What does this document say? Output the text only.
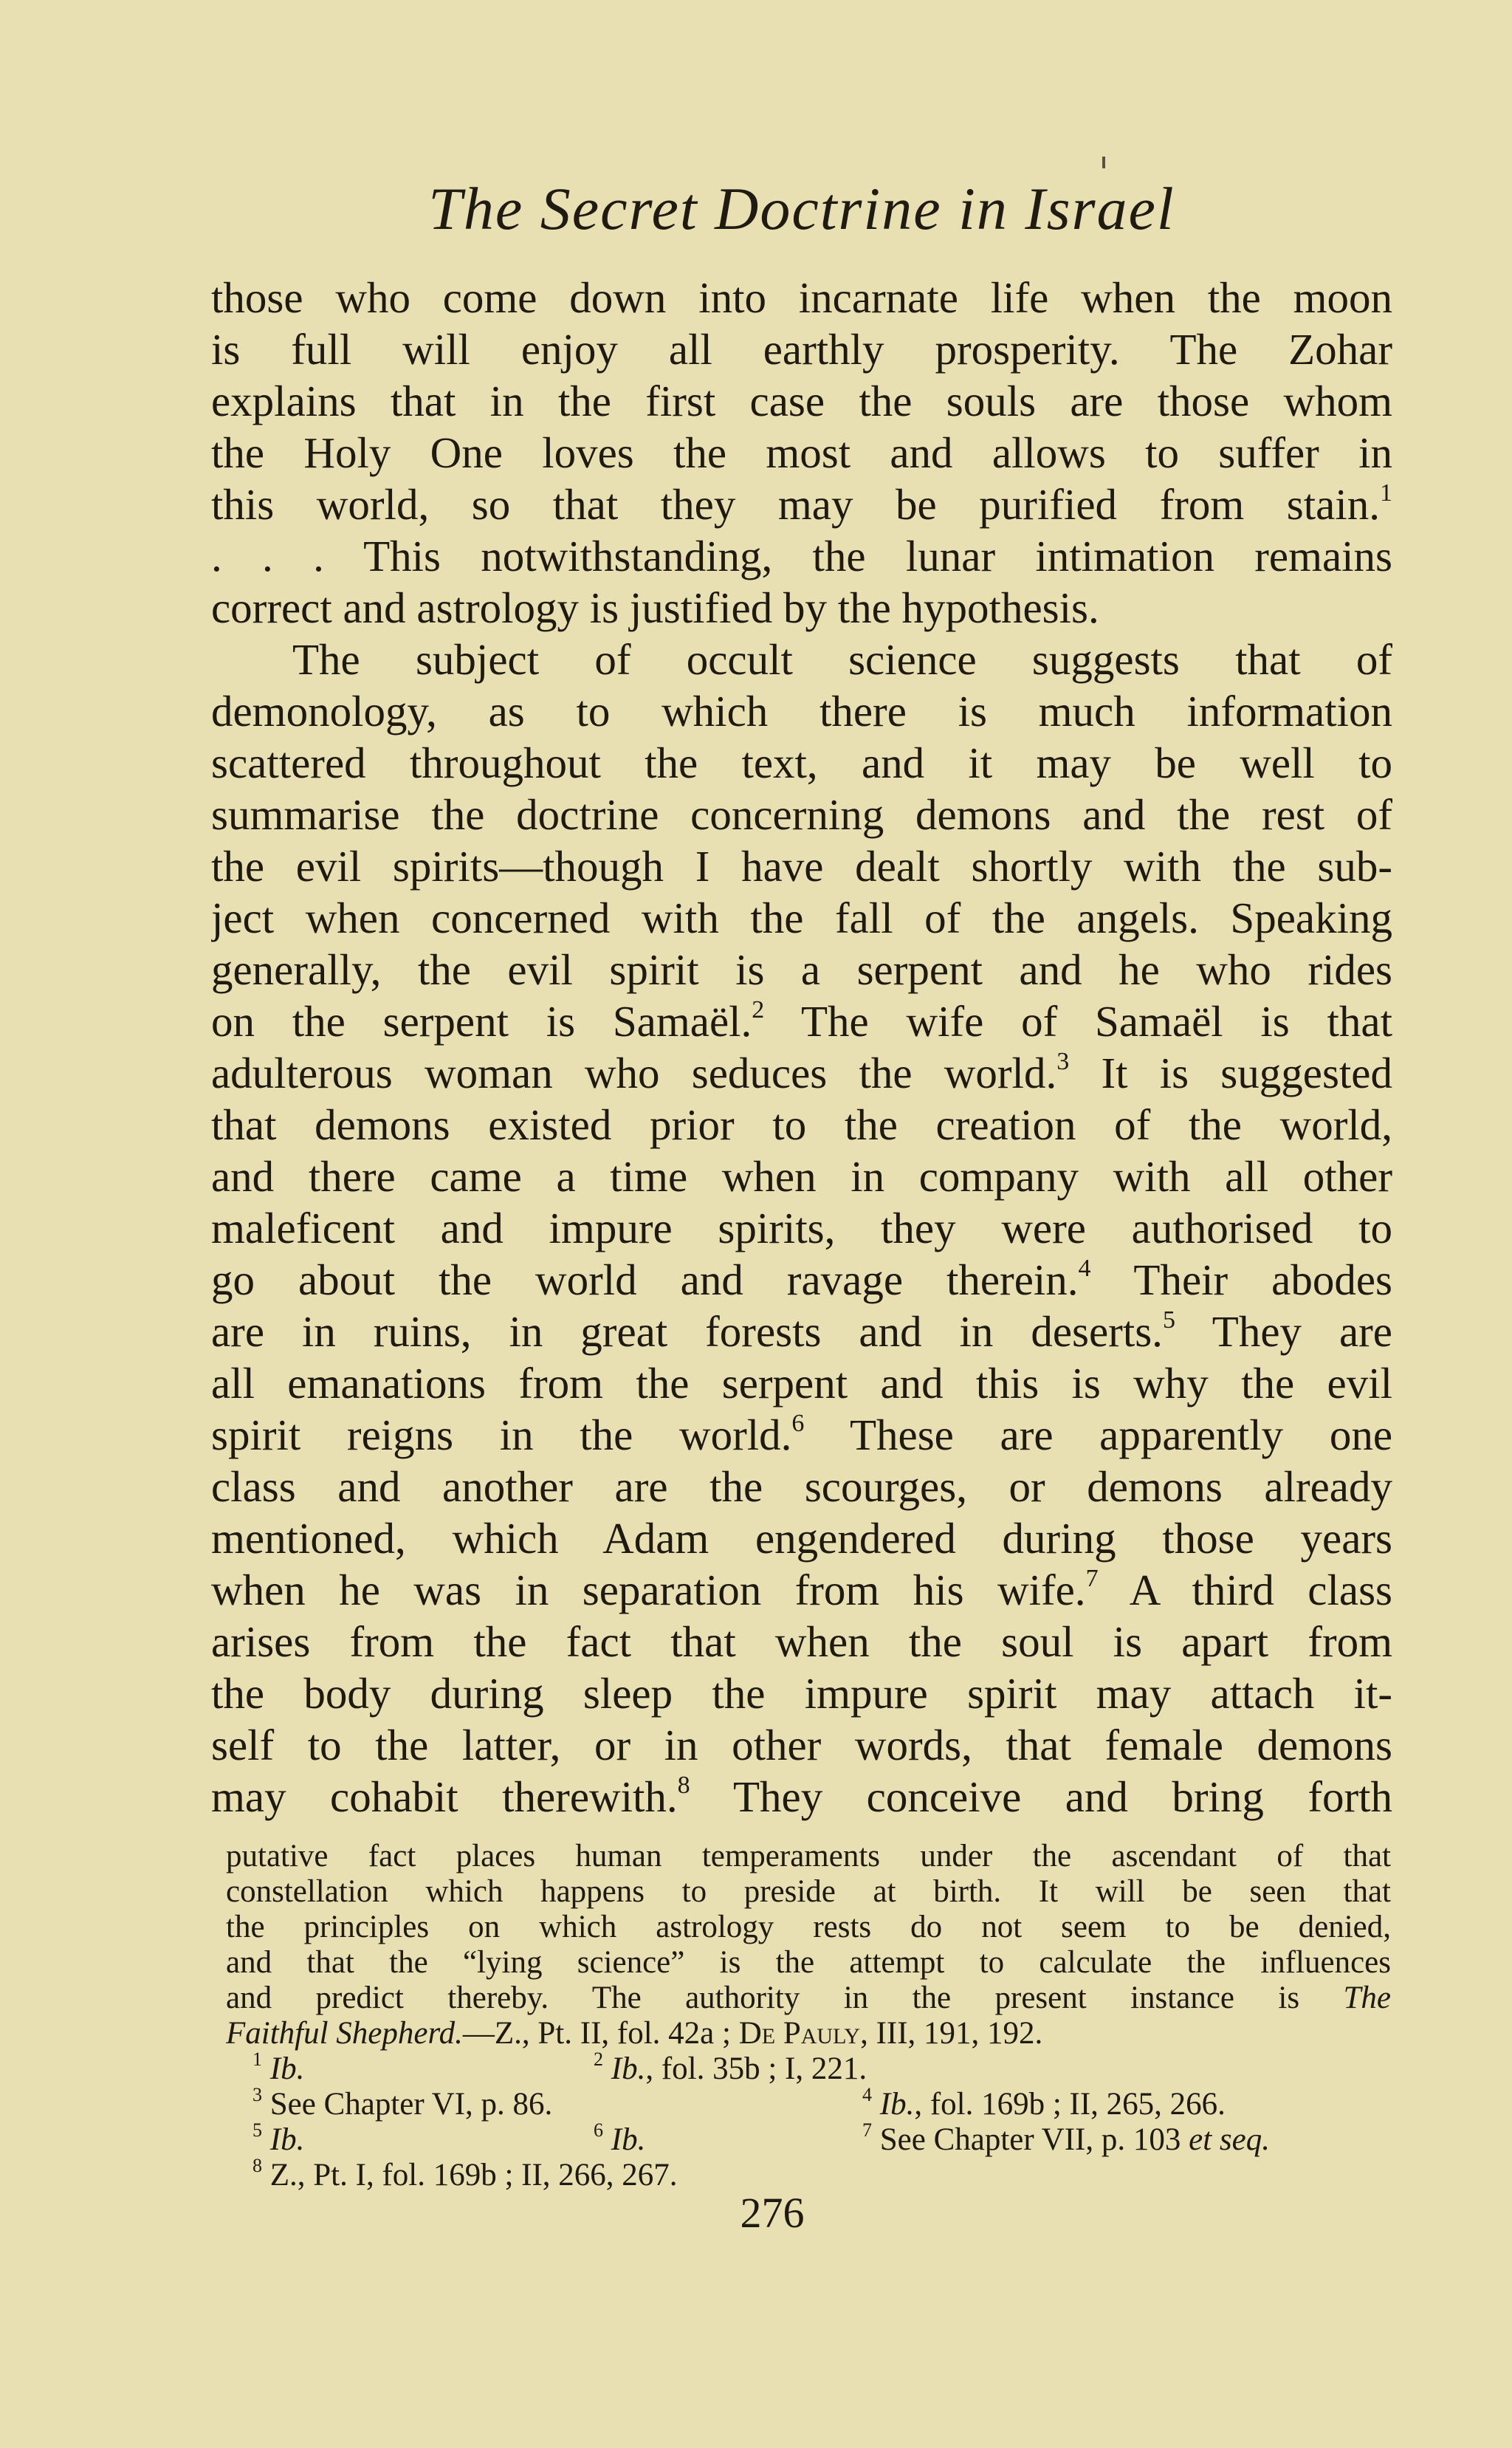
The Secret Doctrine in Israel
those who come down into incarnate life when the moon
is full will enjoy all earthly prosperity. The Zohar
explains that in the first case the souls are those whom
the Holy One loves the most and allows to suffer in
this world, so that they may be purified from stain.$^1$
. . . This notwithstanding, the lunar intimation remains
correct and astrology is justified by the hypothesis.
The subject of occult science suggests that of
demonology, as to which there is much information
scattered throughout the text, and it may be well to
summarise the doctrine concerning demons and the rest of
the evil spirits—though I have dealt shortly with the sub-
ject when concerned with the fall of the angels. Speaking
generally, the evil spirit is a serpent and he who rides
on the serpent is Samaël.$^2$ The wife of Samaël is that
adulterous woman who seduces the world.$^3$ It is suggested
that demons existed prior to the creation of the world,
and there came a time when in company with all other
maleficent and impure spirits, they were authorised to
go about the world and ravage therein.$^4$ Their abodes
are in ruins, in great forests and in deserts.$^5$ They are
all emanations from the serpent and this is why the evil
spirit reigns in the world.$^6$ These are apparently one
class and another are the scourges, or demons already
mentioned, which Adam engendered during those years
when he was in separation from his wife.$^7$ A third class
arises from the fact that when the soul is apart from
the body during sleep the impure spirit may attach it-
self to the latter, or in other words, that female demons
may cohabit therewith.$^8$ They conceive and bring forth
putative fact places human temperaments under the ascendant of that
constellation which happens to preside at birth. It will be seen that
the principles on which astrology rests do not seem to be denied,
and that the “lying science” is the attempt to calculate the influences
and predict thereby. The authority in the present instance is The
Faithful Shepherd.—Z., Pt. II, fol. 42a ; De Pauly, III, 191, 192.
$^1$ Ib.	$^2$ Ib., fol. 35b ; I, 221.
$^3$ See Chapter VI, p. 86.	$^4$ Ib., fol. 169b ; II, 265, 266.
$^5$ Ib.	$^6$ Ib.	$^7$ See Chapter VII, p. 103 et seq.
$^8$ Z., Pt. I, fol. 169b ; II, 266, 267.
276
